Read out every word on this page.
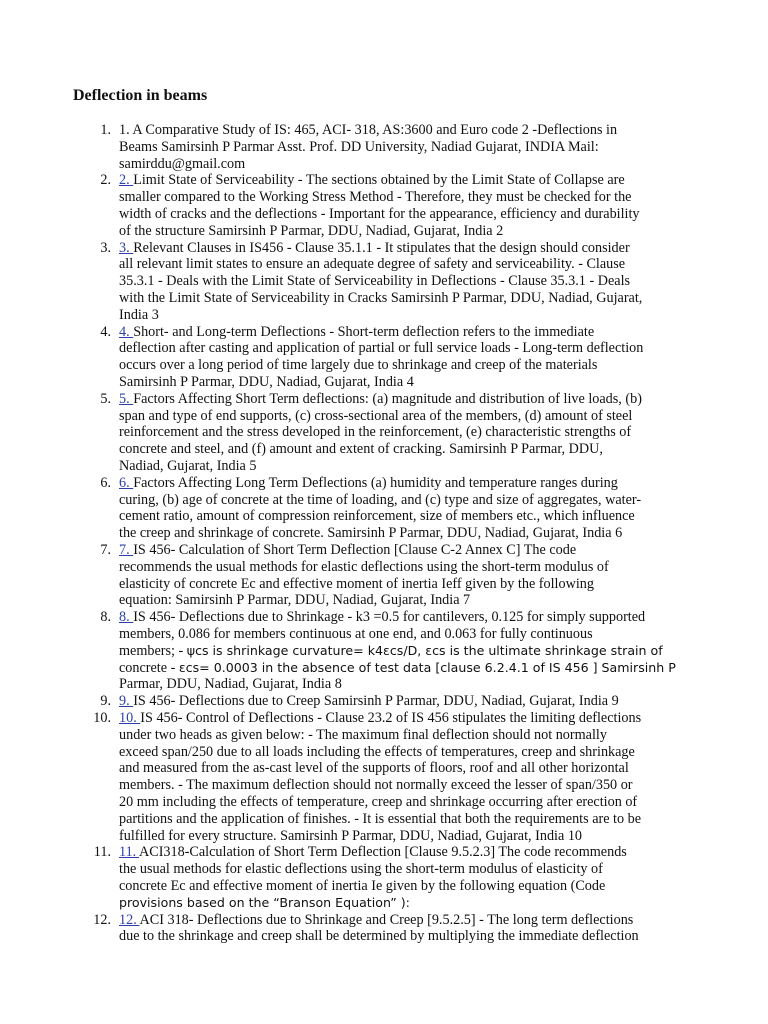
Deflection in beams
1. 1. A Comparative Study of IS: 465, ACI- 318, AS:3600 and Euro code 2 -Deflections in
Beams Samirsinh P Parmar Asst. Prof. DD University, Nadiad Gujarat, INDIA Mail:
samirddu@gmail.com
2. 2. Limit State of Serviceability - The sections obtained by the Limit State of Collapse are
smaller compared to the Working Stress Method - Therefore, they must be checked for the
width of cracks and the deflections - Important for the appearance, efficiency and durability
of the structure Samirsinh P Parmar, DDU, Nadiad, Gujarat, India 2
3. 3. Relevant Clauses in IS456 - Clause 35.1.1 - It stipulates that the design should consider
all relevant limit states to ensure an adequate degree of safety and serviceability. - Clause
35.3.1 - Deals with the Limit State of Serviceability in Deflections - Clause 35.3.1 - Deals
with the Limit State of Serviceability in Cracks Samirsinh P Parmar, DDU, Nadiad, Gujarat,
India 3
4. 4. Short- and Long-term Deflections - Short-term deflection refers to the immediate
deflection after casting and application of partial or full service loads - Long-term deflection
occurs over a long period of time largely due to shrinkage and creep of the materials
Samirsinh P Parmar, DDU, Nadiad, Gujarat, India 4
5. 5. Factors Affecting Short Term deflections: (a) magnitude and distribution of live loads, (b)
span and type of end supports, (c) cross-sectional area of the members, (d) amount of steel
reinforcement and the stress developed in the reinforcement, (e) characteristic strengths of
concrete and steel, and (f) amount and extent of cracking. Samirsinh P Parmar, DDU,
Nadiad, Gujarat, India 5
6. 6. Factors Affecting Long Term Deflections (a) humidity and temperature ranges during
curing, (b) age of concrete at the time of loading, and (c) type and size of aggregates, water-
cement ratio, amount of compression reinforcement, size of members etc., which influence
the creep and shrinkage of concrete. Samirsinh P Parmar, DDU, Nadiad, Gujarat, India 6
7. 7. IS 456- Calculation of Short Term Deflection [Clause C-2 Annex C] The code
recommends the usual methods for elastic deflections using the short-term modulus of
elasticity of concrete Ec and effective moment of inertia Ieff given by the following
equation: Samirsinh P Parmar, DDU, Nadiad, Gujarat, India 7
8. 8. IS 456- Deflections due to Shrinkage - k3 =0.5 for cantilevers, 0.125 for simply supported
members, 0.086 for members continuous at one end, and 0.063 for fully continuous
members; - ψcs is shrinkage curvature= k4εcs/D, εcs is the ultimate shrinkage strain of
concrete - εcs= 0.0003 in the absence of test data [clause 6.2.4.1 of IS 456 ] Samirsinh P
Parmar, DDU, Nadiad, Gujarat, India 8
9. 9. IS 456- Deflections due to Creep Samirsinh P Parmar, DDU, Nadiad, Gujarat, India 9
10. 10. IS 456- Control of Deflections - Clause 23.2 of IS 456 stipulates the limiting deflections
under two heads as given below: - The maximum final deflection should not normally
exceed span/250 due to all loads including the effects of temperatures, creep and shrinkage
and measured from the as-cast level of the supports of floors, roof and all other horizontal
members. - The maximum deflection should not normally exceed the lesser of span/350 or
20 mm including the effects of temperature, creep and shrinkage occurring after erection of
partitions and the application of finishes. - It is essential that both the requirements are to be
fulfilled for every structure. Samirsinh P Parmar, DDU, Nadiad, Gujarat, India 10
11. 11. ACI318-Calculation of Short Term Deflection [Clause 9.5.2.3] The code recommends
the usual methods for elastic deflections using the short-term modulus of elasticity of
concrete Ec and effective moment of inertia Ie given by the following equation (Code
provisions based on the “Branson Equation” ):
12. 12. ACI 318- Deflections due to Shrinkage and Creep [9.5.2.5] - The long term deflections
due to the shrinkage and creep shall be determined by multiplying the immediate deflection
